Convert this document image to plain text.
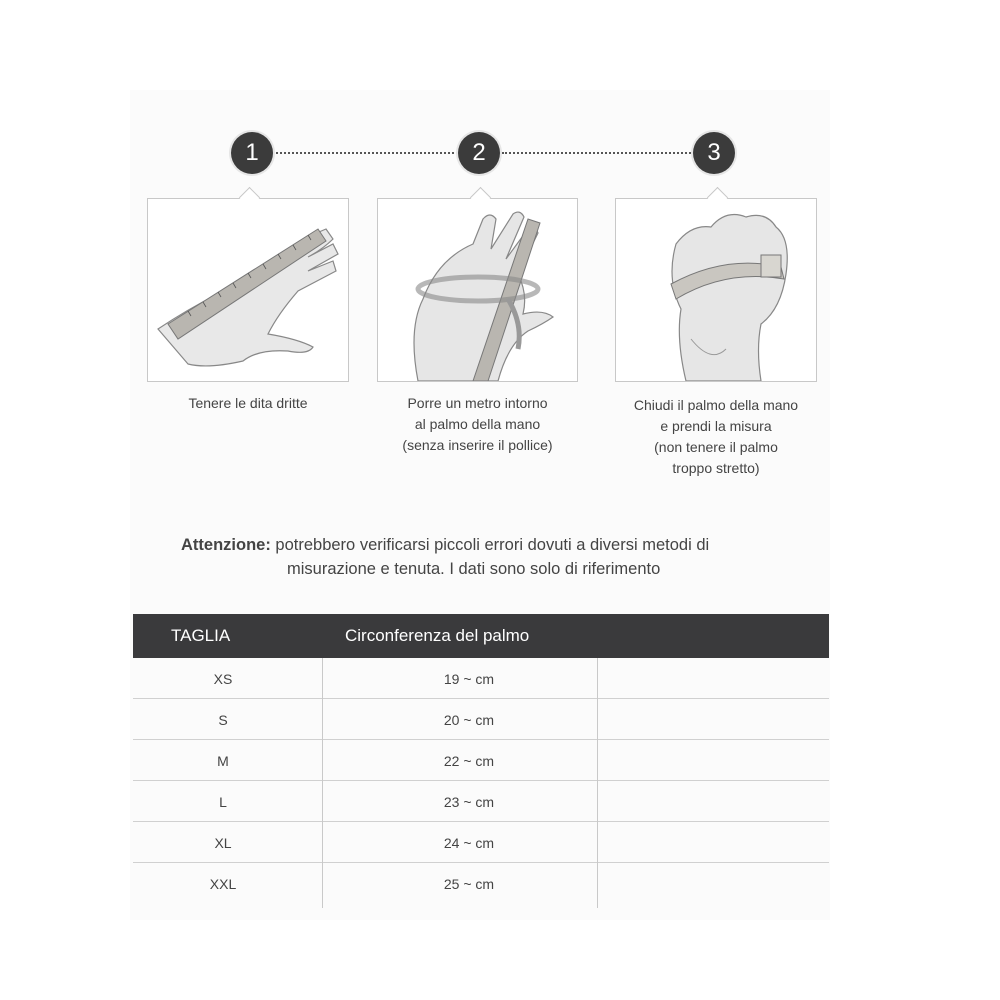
1	2	3
Tenere le dita dritte	Porre un metro intorno
al palmo della mano
(senza inserire il pollice)
Chiudi il palmo della mano
e prendi la misura
(non tenere il palmo
troppo stretto)
Attenzione: potrebbero verificarsi piccoli errori dovuti a diversi metodi di
misurazione e tenuta. I dati sono solo di riferimento
TAGLIA	Circonferenza del palmo
XS	19 ~ cm
S	20 ~ cm
M	22 ~ cm
L	23 ~ cm
XL	24 ~ cm
XXL	25 ~ cm
